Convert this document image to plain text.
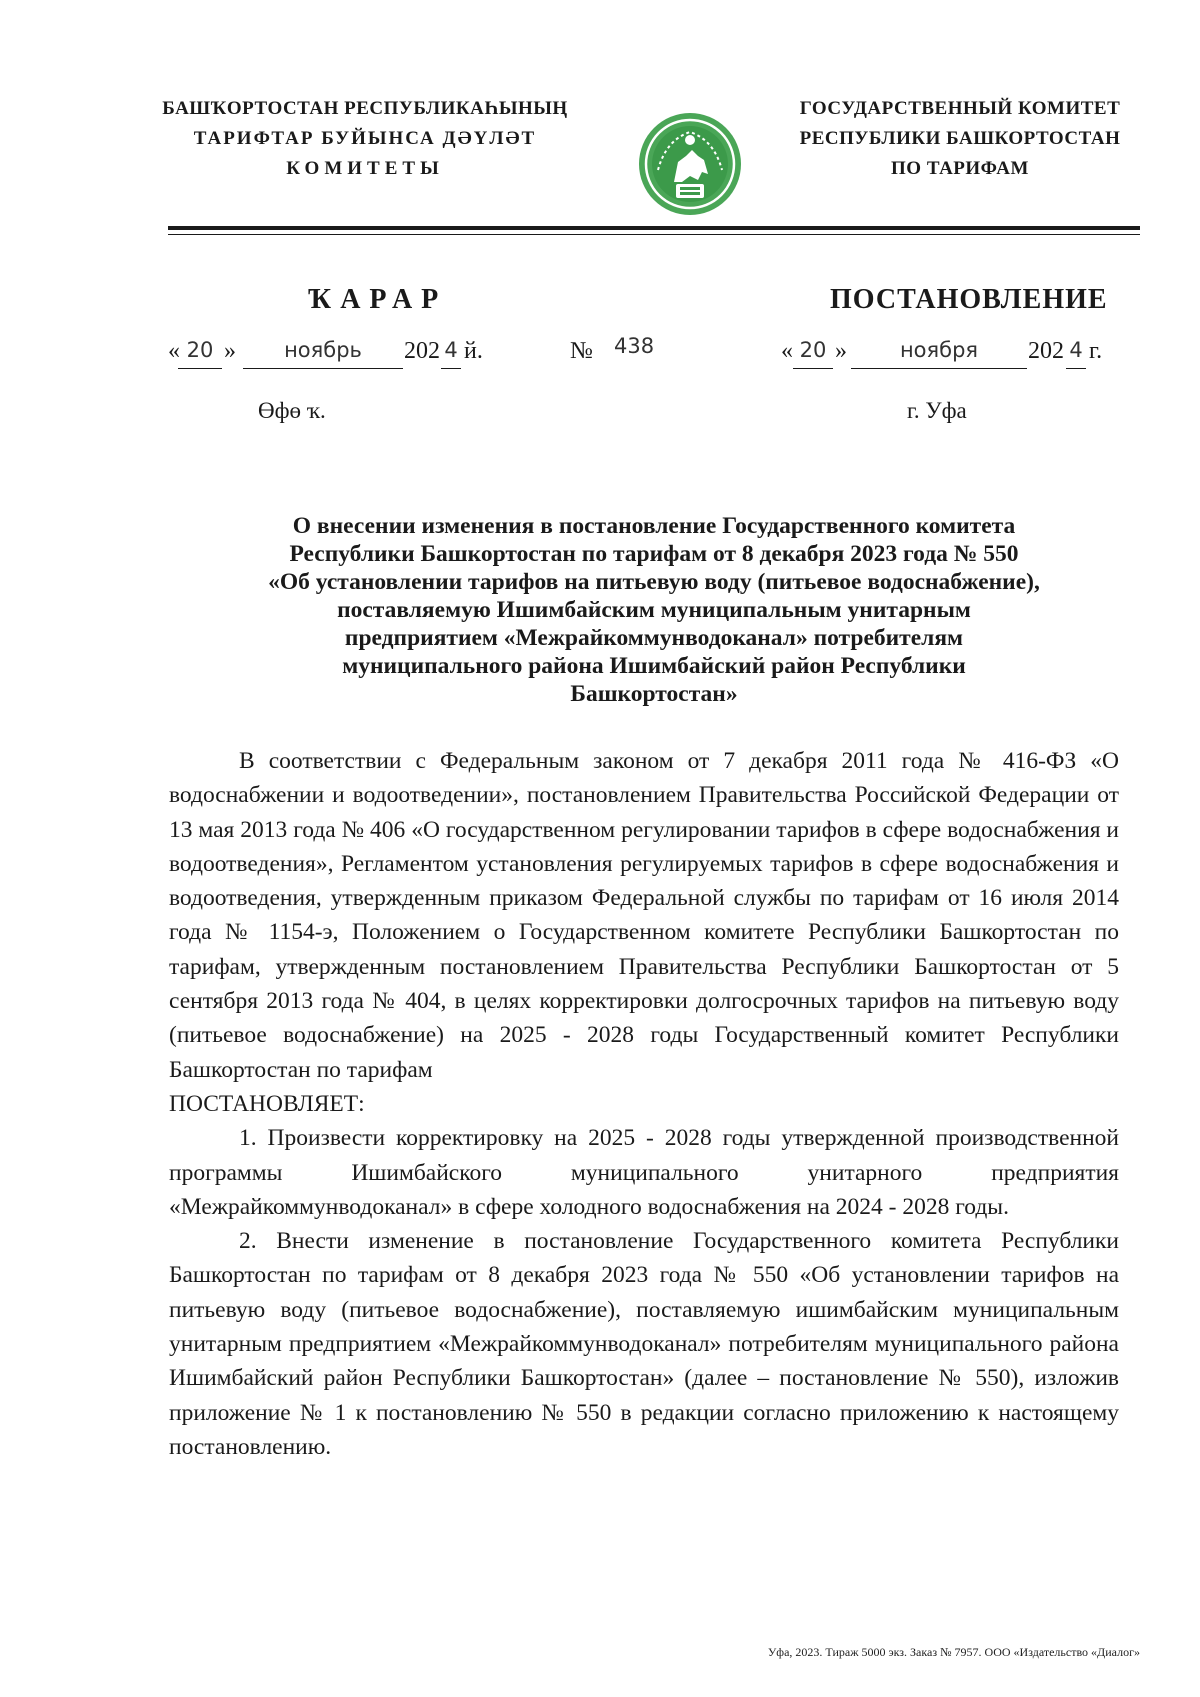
БАШҠОРТОСТАН РЕСПУБЛИКАҺЫНЫҢ
ТАРИФТАР БУЙЫНСА ДӘҮЛӘТ
КОМИТЕТЫ
ГОСУДАРСТВЕННЫЙ КОМИТЕТ
РЕСПУБЛИКИ БАШКОРТОСТАН
ПО ТАРИФАМ
ҠАРАР	ПОСТАНОВЛЕНИЕ
« 20 »	ноябрь	202 4 й.	№ 438	« 20 »	ноября	202 4 г.
Өфө ҡ.	г. Уфа
О внесении изменения в постановление Государственного комитета
Республики Башкортостан по тарифам от 8 декабря 2023 года № 550
«Об установлении тарифов на питьевую воду (питьевое водоснабжение),
поставляемую Ишимбайским муниципальным унитарным
предприятием «Межрайкоммунводоканал» потребителям
муниципального района Ишимбайский район Республики
Башкортостан»

В соответствии с Федеральным законом от 7 декабря 2011 года № 416-ФЗ «О водоснабжении и водоотведении», постановлением Правительства Российской Федерации от 13 мая 2013 года № 406 «О государственном регулировании тарифов в сфере водоснабжения и водоотведения», Регламентом установления регулируемых тарифов в сфере водоснабжения и водоотведения, утвержденным приказом Федеральной службы по тарифам от 16 июля 2014 года № 1154-э, Положением о Государственном комитете Республики Башкортостан по тарифам, утвержденным постановлением Правительства Республики Башкортостан от 5 сентября 2013 года № 404, в целях корректировки долгосрочных тарифов на питьевую воду (питьевое водоснабжение) на 2025 - 2028 годы Государственный комитет Республики Башкортостан по тарифам

ПОСТАНОВЛЯЕТ:

1. Произвести корректировку на 2025 - 2028 годы утвержденной производственной программы Ишимбайского муниципального унитарного предприятия «Межрайкоммунводоканал» в сфере холодного водоснабжения на 2024 - 2028 годы.

2. Внести изменение в постановление Государственного комитета Республики Башкортостан по тарифам от 8 декабря 2023 года № 550 «Об установлении тарифов на питьевую воду (питьевое водоснабжение), поставляемую ишимбайским муниципальным унитарным предприятием «Межрайкоммунводоканал» потребителям муниципального района Ишимбайский район Республики Башкортостан» (далее – постановление № 550), изложив приложение № 1 к постановлению № 550 в редакции согласно приложению к настоящему постановлению.

Уфа, 2023. Тираж 5000 экз. Заказ № 7957. ООО «Издательство «Диалог»
